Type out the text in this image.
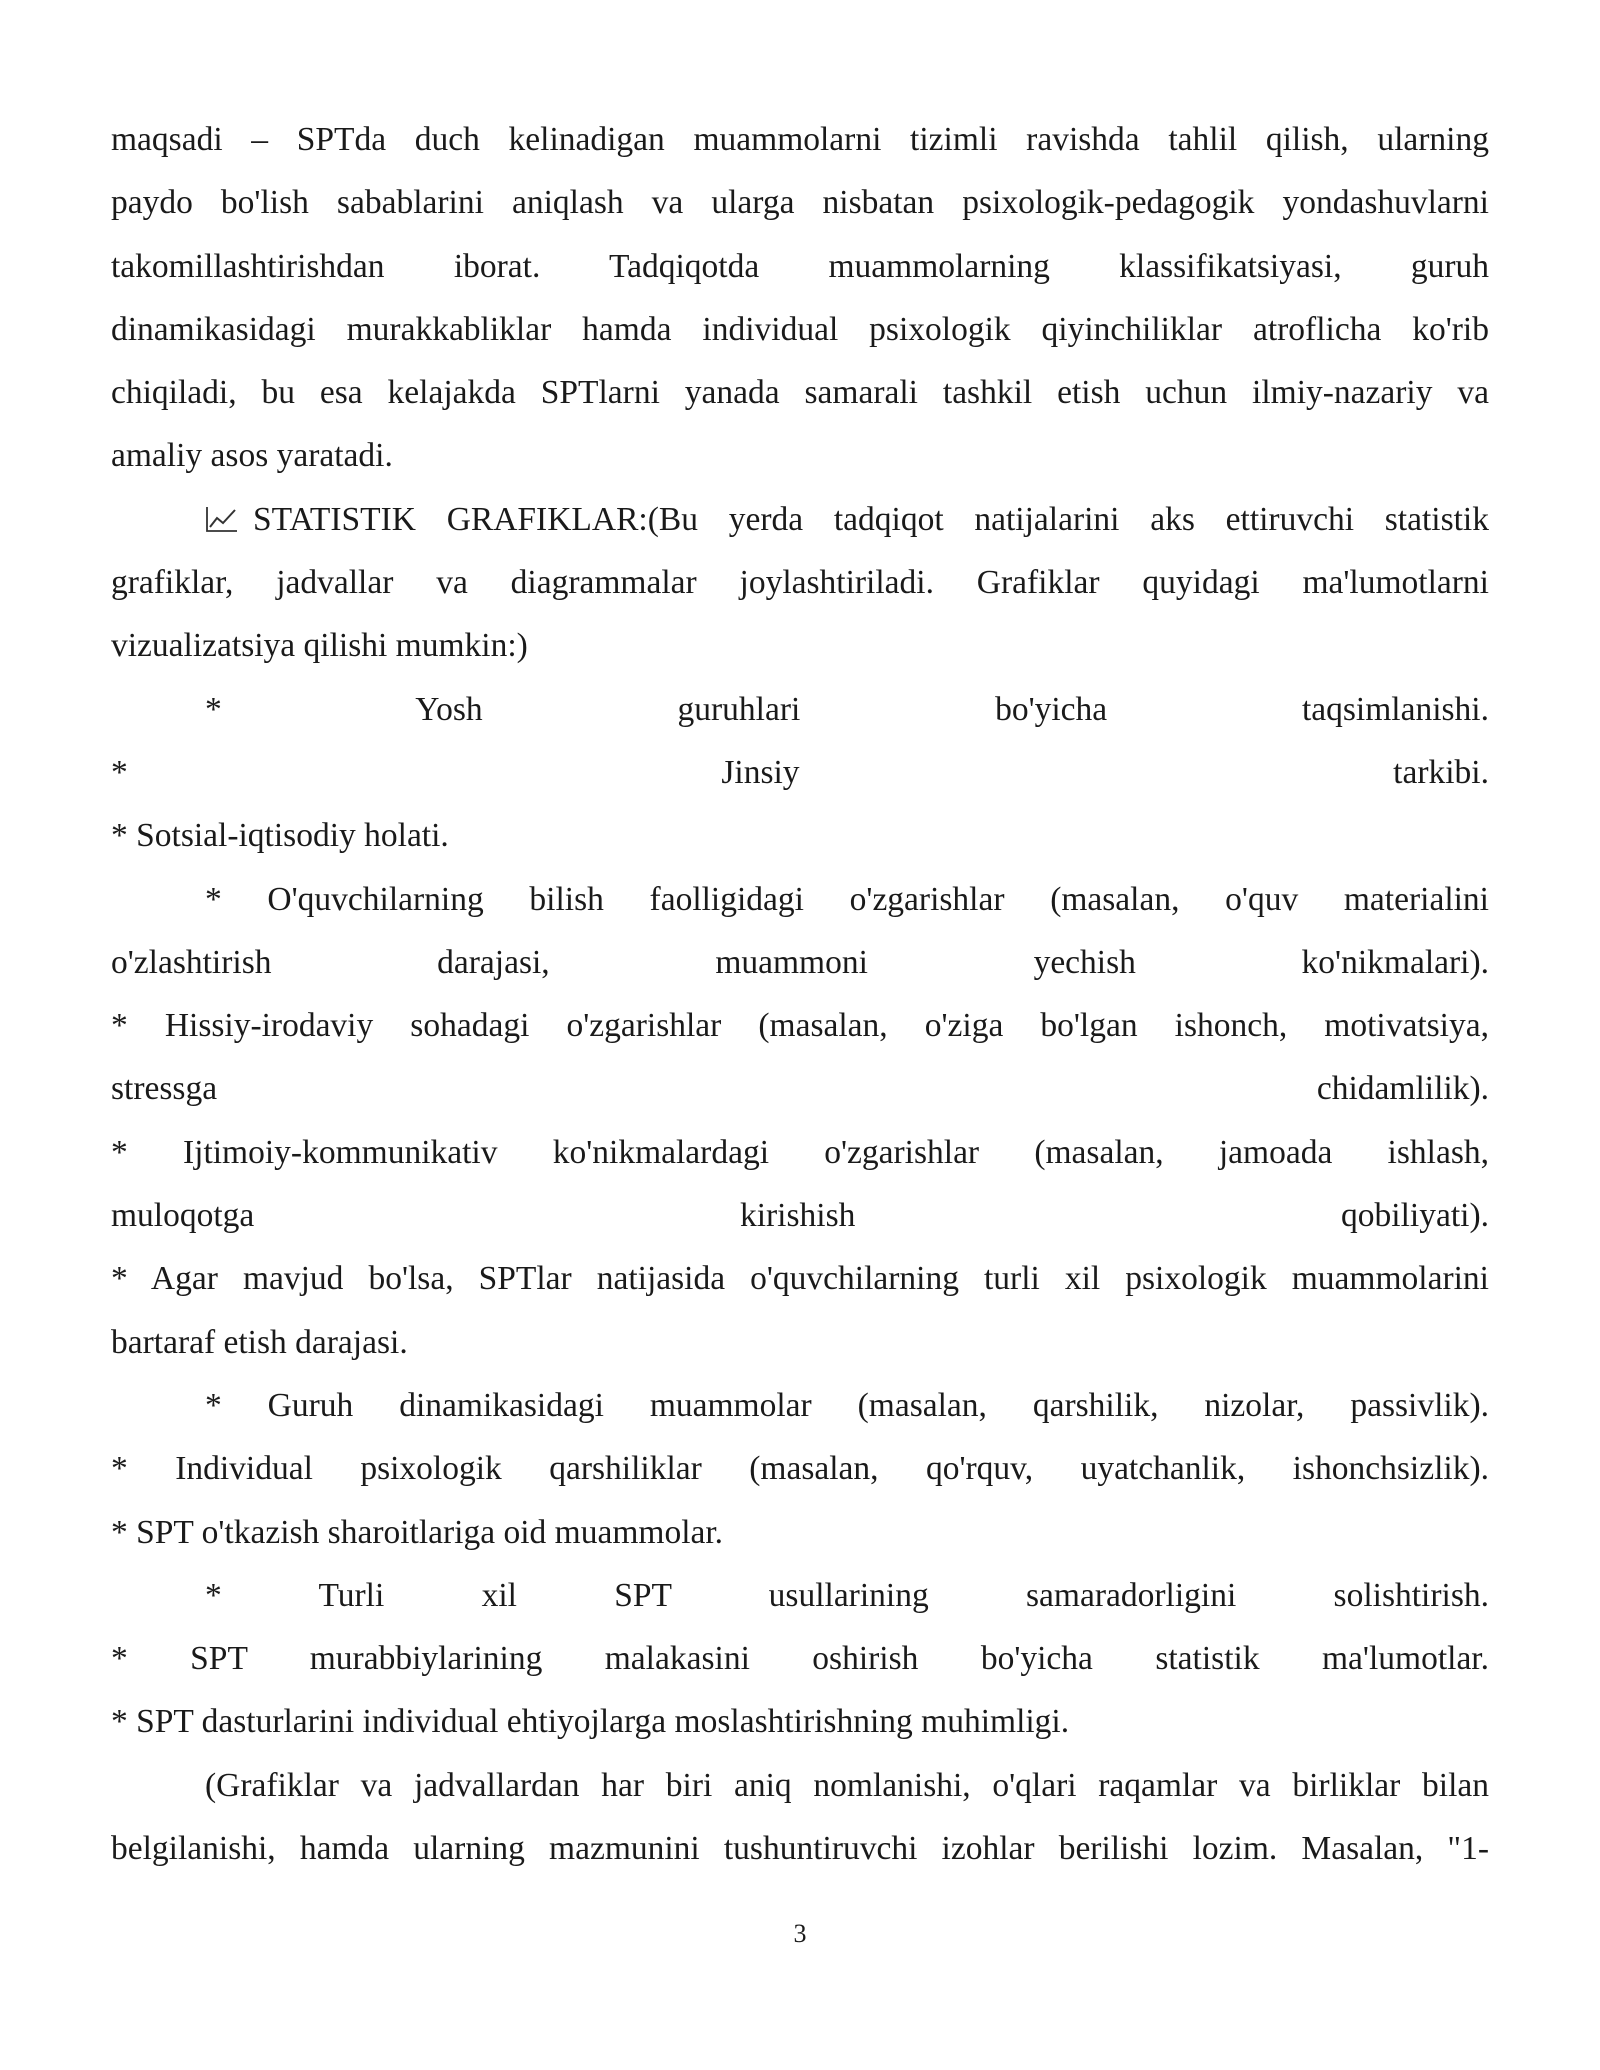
maqsadi – SPTda duch kelinadigan muammolarni tizimli ravishda tahlil qilish, ularning
paydo bo'lish sabablarini aniqlash va ularga nisbatan psixologik-pedagogik yondashuvlarni
takomillashtirishdan iborat. Tadqiqotda muammolarning klassifikatsiyasi, guruh
dinamikasidagi murakkabliklar hamda individual psixologik qiyinchiliklar atroflicha ko'rib
chiqiladi, bu esa kelajakda SPTlarni yanada samarali tashkil etish uchun ilmiy-nazariy va
amaliy asos yaratadi.
STATISTIK GRAFIKLAR:(Bu yerda tadqiqot natijalarini aks ettiruvchi statistik
grafiklar, jadvallar va diagrammalar joylashtiriladi. Grafiklar quyidagi ma'lumotlarni
vizualizatsiya qilishi mumkin:)
* Yosh guruhlari bo'yicha taqsimlanishi.
* Jinsiy tarkibi.
* Sotsial-iqtisodiy holati.
* O'quvchilarning bilish faolligidagi o'zgarishlar (masalan, o'quv materialini
o'zlashtirish darajasi, muammoni yechish ko'nikmalari).
* Hissiy-irodaviy sohadagi o'zgarishlar (masalan, o'ziga bo'lgan ishonch, motivatsiya,
stressga chidamlilik).
* Ijtimoiy-kommunikativ ko'nikmalardagi o'zgarishlar (masalan, jamoada ishlash,
muloqotga kirishish qobiliyati).
* Agar mavjud bo'lsa, SPTlar natijasida o'quvchilarning turli xil psixologik muammolarini
bartaraf etish darajasi.
* Guruh dinamikasidagi muammolar (masalan, qarshilik, nizolar, passivlik).
* Individual psixologik qarshiliklar (masalan, qo'rquv, uyatchanlik, ishonchsizlik).
* SPT o'tkazish sharoitlariga oid muammolar.
* Turli xil SPT usullarining samaradorligini solishtirish.
* SPT murabbiylarining malakasini oshirish bo'yicha statistik ma'lumotlar.
* SPT dasturlarini individual ehtiyojlarga moslashtirishning muhimligi.
(Grafiklar va jadvallardan har biri aniq nomlanishi, o'qlari raqamlar va birliklar bilan
belgilanishi, hamda ularning mazmunini tushuntiruvchi izohlar berilishi lozim. Masalan, "1-
3
